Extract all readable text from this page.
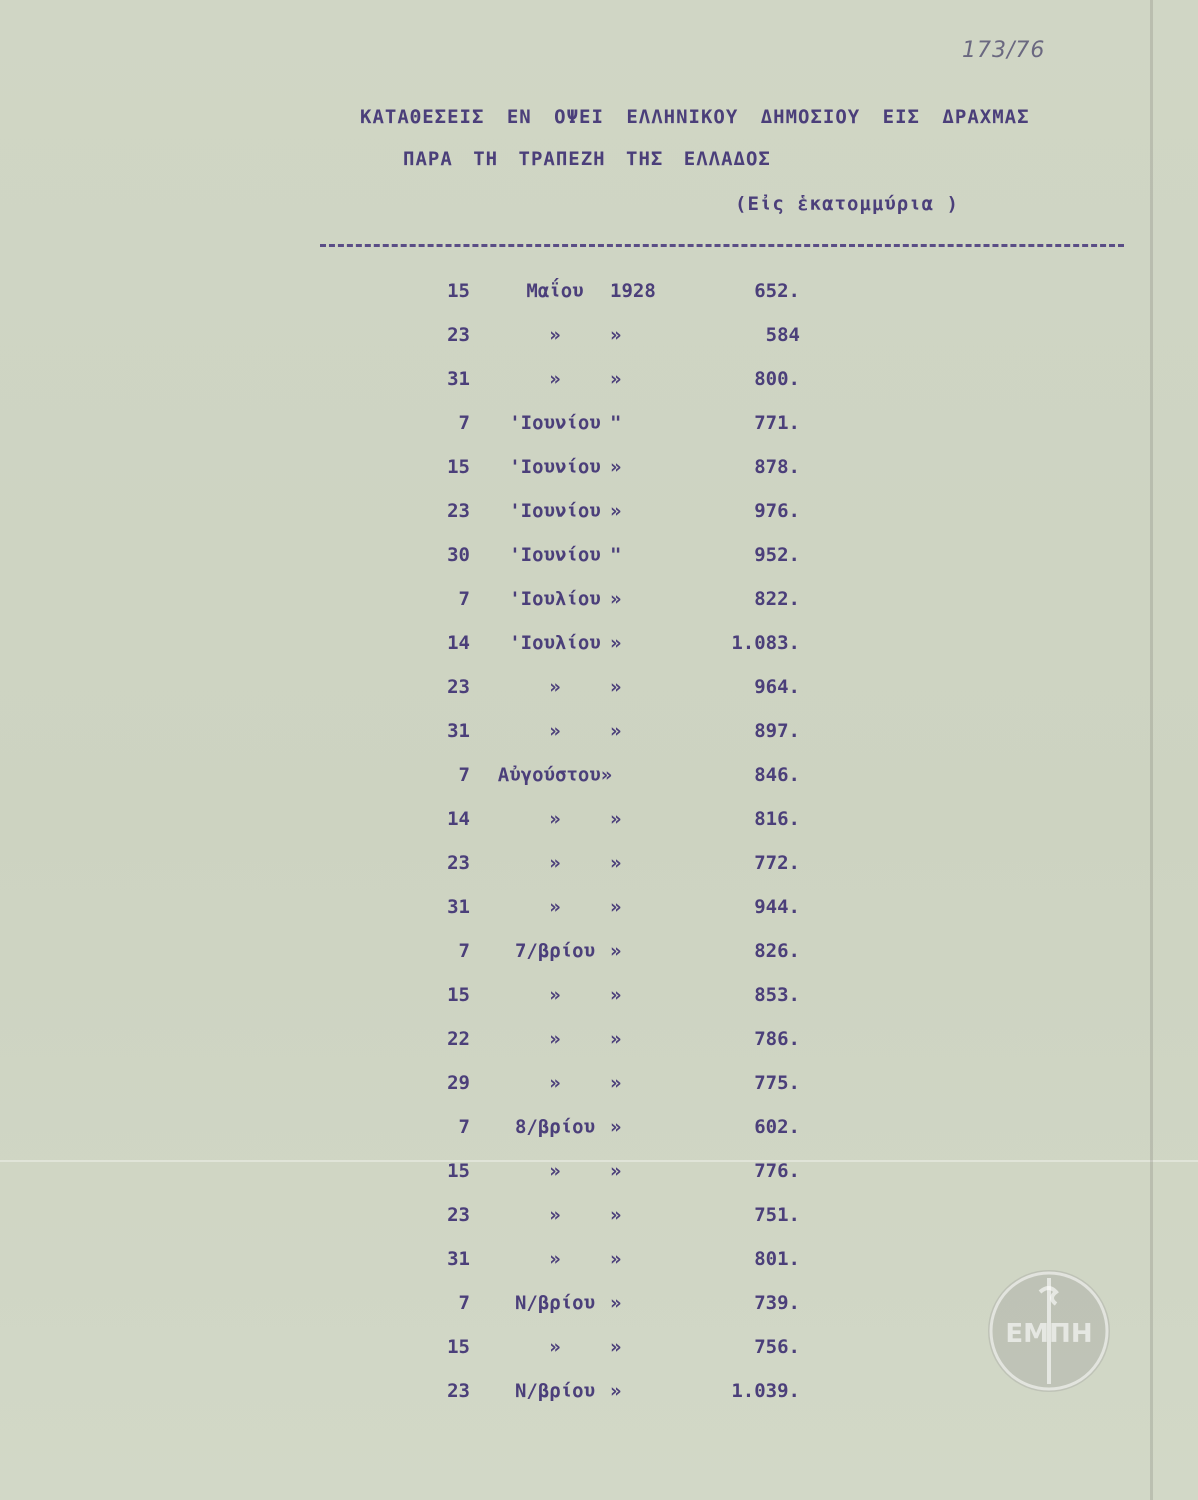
173/76
ΚΑΤΑΘΕΣΕΙΣ ΕΝ ΟΨΕΙ ΕΛΛΗΝΙΚΟΥ ΔΗΜΟΣΙΟΥ ΕΙΣ ΔΡΑΧΜΑΣ
ΠΑΡΑ ΤΗ ΤΡΑΠΕΖΗ ΤΗΣ ΕΛΛΑΔΟΣ
(Εἰς ἑκατομμύρια )
15	Μαΐου	1928	652.
23	»	»	584
31	»	»	800.
7	'Ιουνίου "	771.
15	'Ιουνίου »	878.
23	'Ιουνίου »	976.
30	'Ιουνίου "	952.
7	'Ιουλίου »	822.
14	'Ιουλίου »	1.083.
23	»	»	964.
31	»	»	897.
7	Αὐγούστου»	846.
14	»	»	816.
23	»	»	772.
31	»	»	944.
7	7/βρίου »	826.
15	»	»	853.
22	»	»	786.
29	»	»	775.
7	8/βρίου »	602.
15	»	»	776.
23	»	»	751.
31	»	»	801.
7	Ν/βρίου »	739.
15	»	»	756.
23	Ν/βρίου »	1.039.
ΕΜΠΗ
